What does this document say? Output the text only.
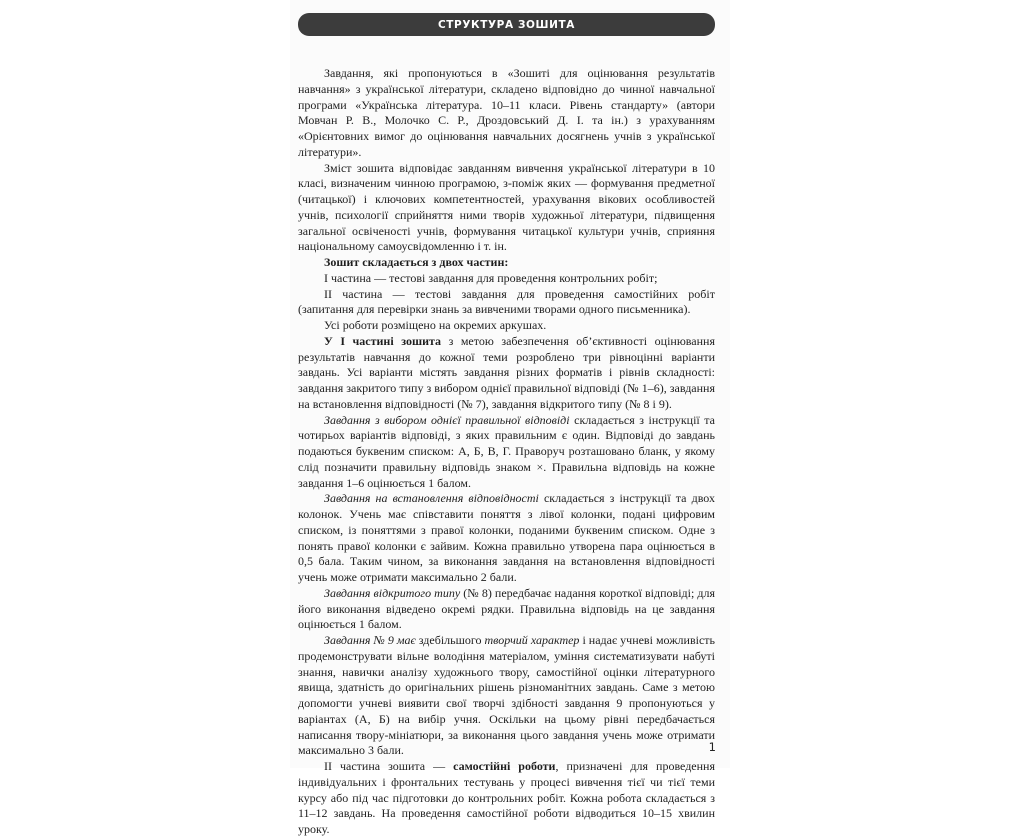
СТРУКТУРА ЗОШИТА

Завдання, які пропонуються в «Зошиті для оцінювання результатів навчання» з української літератури, складено відповідно до чинної навчальної програми «Українська література. 10–11 класи. Рівень стандарту» (автори Мовчан Р. В., Молочко С. Р., Дроздовський Д. І. та ін.) з урахуванням «Орієнтовних вимог до оцінювання навчальних досягнень учнів з української літератури».

Зміст зошита відповідає завданням вивчення української літератури в 10 класі, визначеним чинною програмою, з-поміж яких — формування предметної (читацької) і ключових компетентностей, урахування вікових особливостей учнів, психології сприйняття ними творів художньої літератури, підвищення загальної освіченості учнів, формування читацької культури учнів, сприяння національному самоусвідомленню і т. ін.

Зошит складається з двох частин:

I частина — тестові завдання для проведення контрольних робіт;

II частина — тестові завдання для проведення самостійних робіт (запитання для перевірки знань за вивченими творами одного письменника).

Усі роботи розміщено на окремих аркушах.

У I частині зошита з метою забезпечення об’єктивності оцінювання результатів навчання до кожної теми розроблено три рівноцінні варіанти завдань. Усі варіанти містять завдання різних форматів і рівнів складності: завдання закритого типу з вибором однієї правильної відповіді (№ 1–6), завдання на встановлення відповідності (№ 7), завдання відкритого типу (№ 8 і 9).

Завдання з вибором однієї правильної відповіді складається з інструкції та чотирьох варіантів відповіді, з яких правильним є один. Відповіді до завдань подаються буквеним списком: А, Б, В, Г. Праворуч розташовано бланк, у якому слід позначити правильну відповідь знаком ×. Правильна відповідь на кожне завдання 1–6 оцінюється 1 балом.

Завдання на встановлення відповідності складається з інструкції та двох колонок. Учень має співставити поняття з лівої колонки, подані цифровим списком, із поняттями з правої колонки, поданими буквеним списком. Одне з понять правої колонки є зайвим. Кожна правильно утворена пара оцінюється в 0,5 бала. Таким чином, за виконання завдання на встановлення відповідності учень може отримати максимально 2 бали.

Завдання відкритого типу (№ 8) передбачає надання короткої відповіді; для його виконання відведено окремі рядки. Правильна відповідь на це завдання оцінюється 1 балом.

Завдання № 9 має здебільшого творчий характер і надає учневі можливість продемонструвати вільне володіння матеріалом, уміння систематизувати набуті знання, навички аналізу художнього твору, самостійної оцінки літературного явища, здатність до оригінальних рішень різноманітних завдань. Саме з метою допомогти учневі виявити свої творчі здібності завдання 9 пропонуються у варіантах (А, Б) на вибір учня. Оскільки на цьому рівні передбачається написання твору-мініатюри, за виконання цього завдання учень може отримати максимально 3 бали.

II частина зошита — самостійні роботи, призначені для проведення індивідуальних і фронтальних тестувань у процесі вивчення тієї чи тієї теми курсу або під час підготовки до контрольних робіт. Кожна робота складається з 11–12 завдань. На проведення самостійної роботи відводиться 10–15 хвилин уроку.

1
